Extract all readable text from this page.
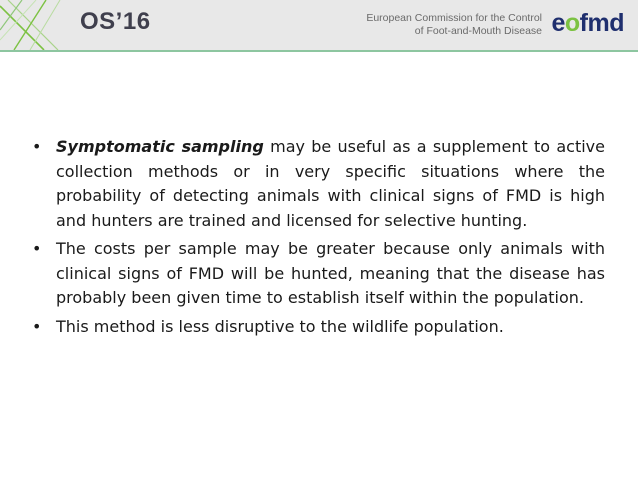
OS’16	European Commission for the Control
of Foot-and-Mouth Disease eofmd
• Symptomatic sampling may be useful as a supplement to active collection methods or in very specific situations where the probability of detecting animals with clinical signs of FMD is high and hunters are trained and licensed for selective hunting.
• The costs per sample may be greater because only animals with clinical signs of FMD will be hunted, meaning that the disease has probably been given time to establish itself within the population.
• This method is less disruptive to the wildlife population.
